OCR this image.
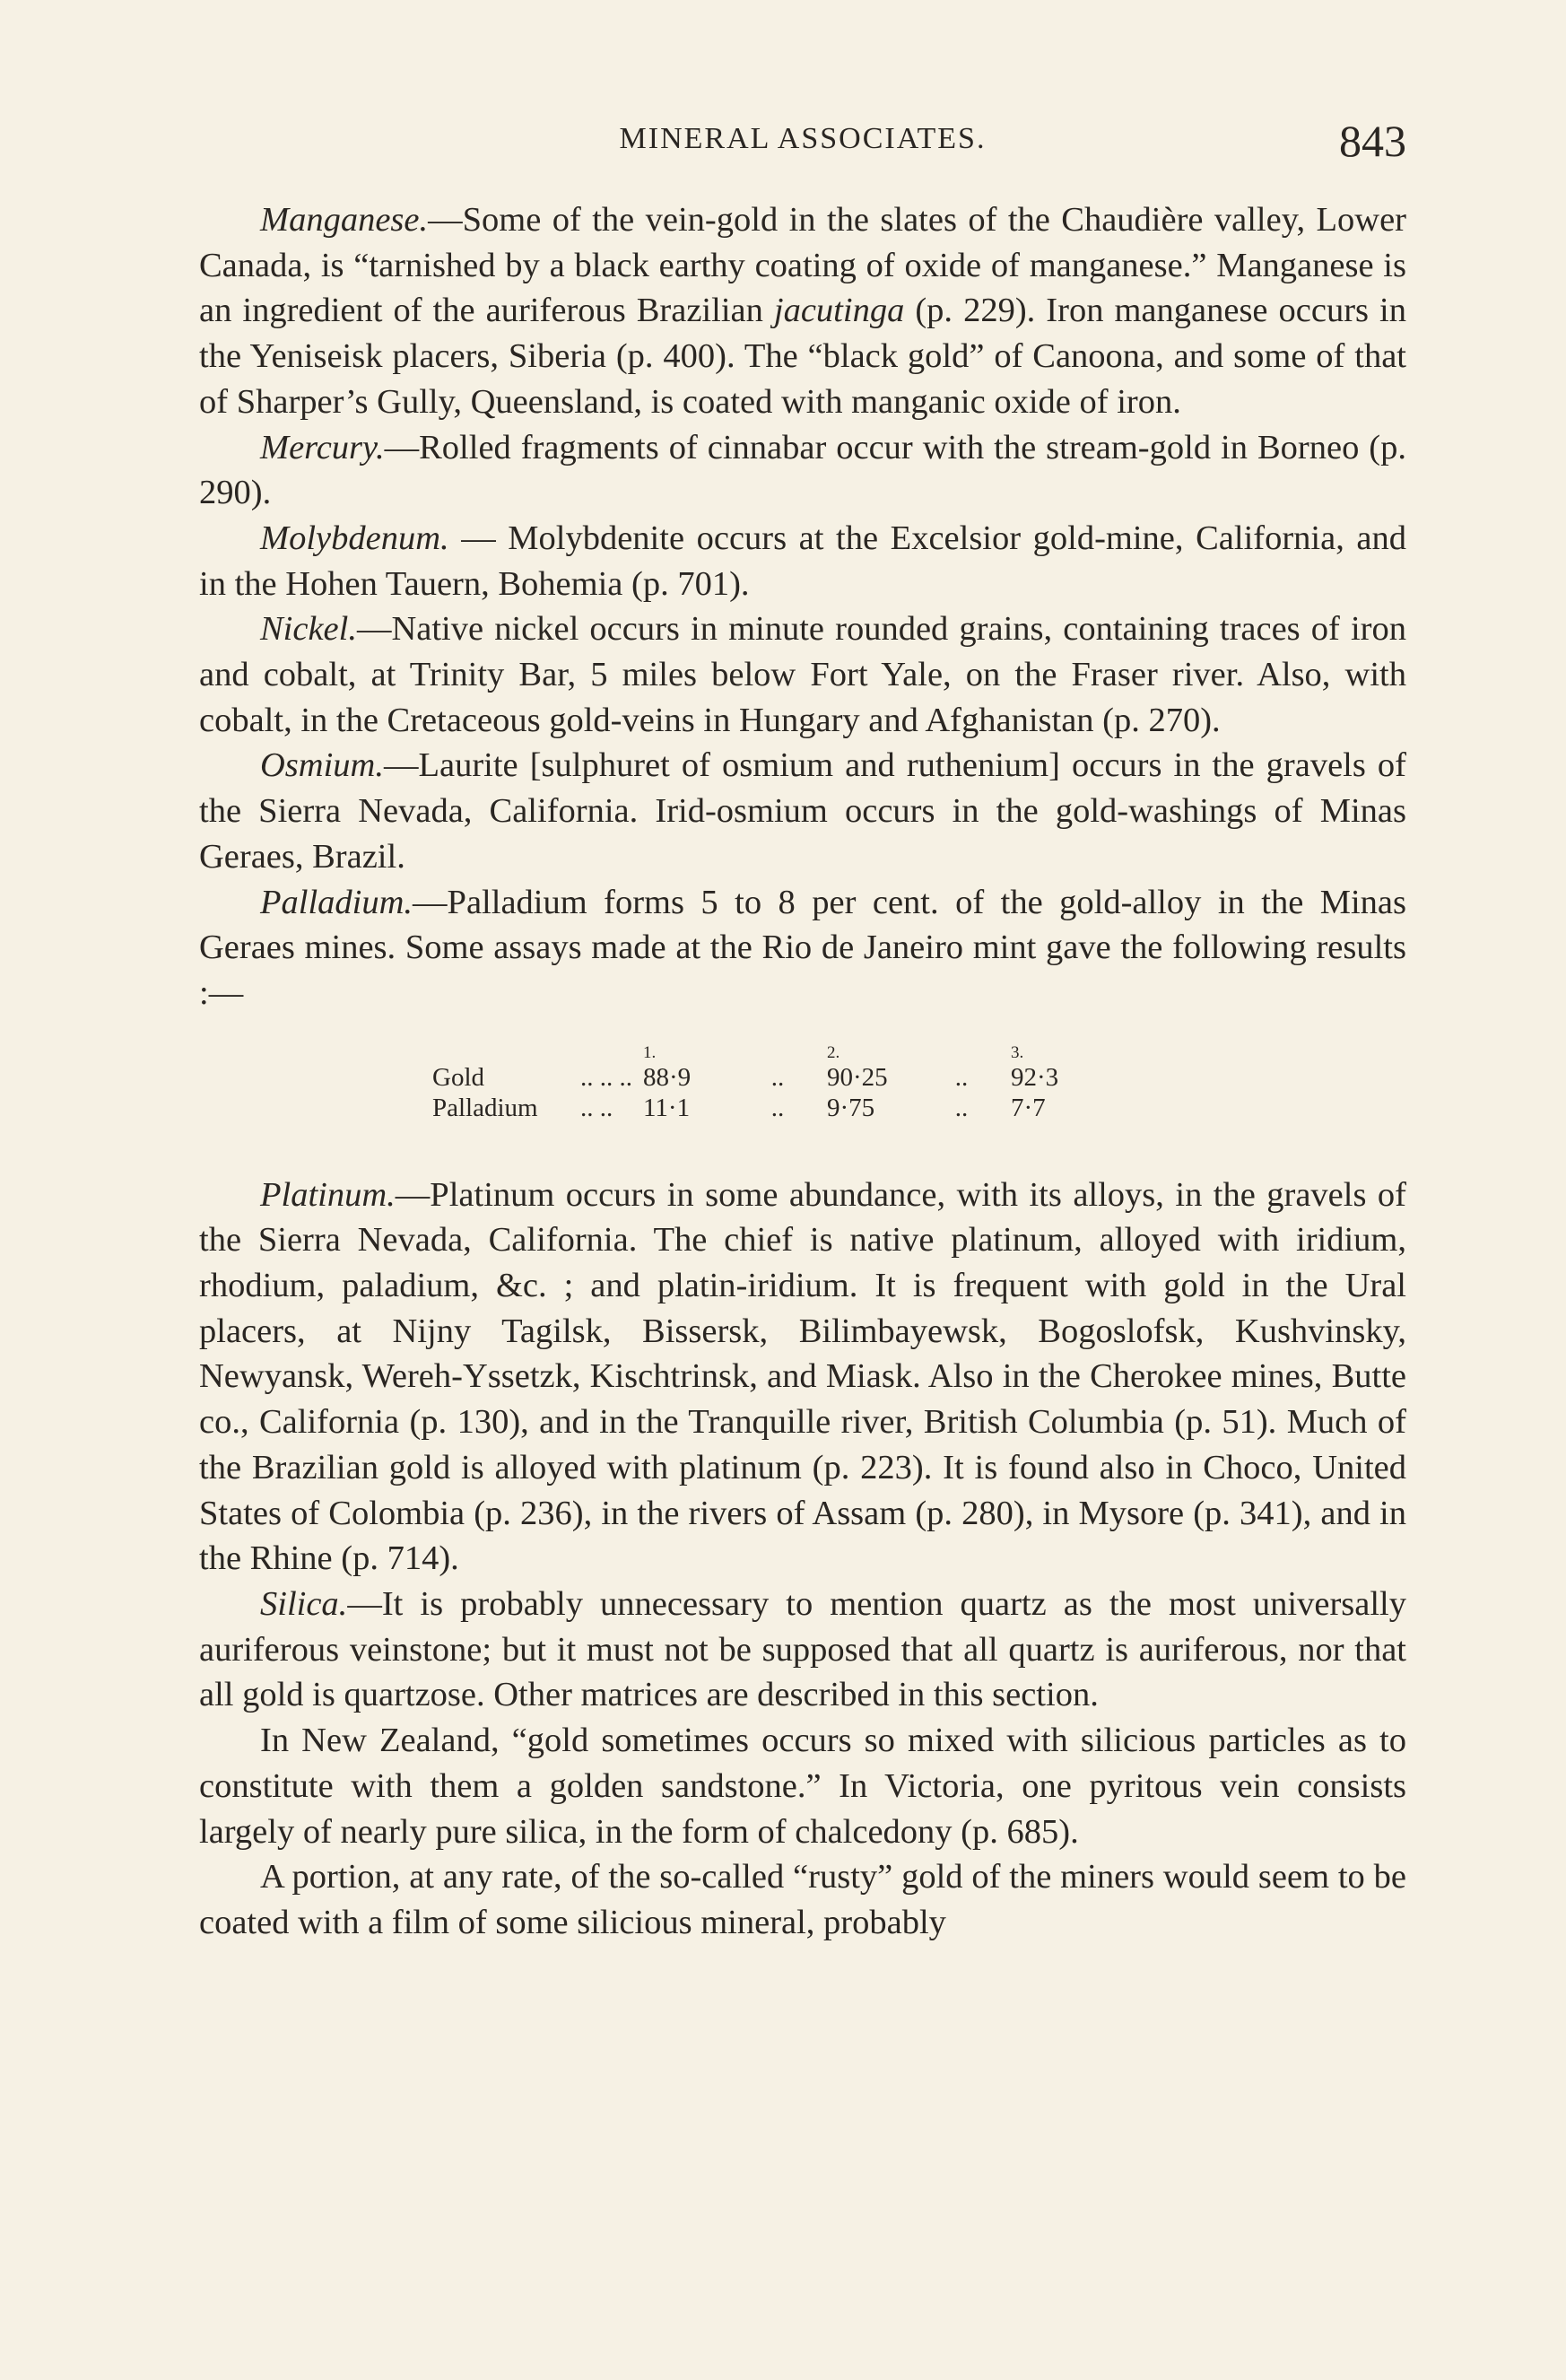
MINERAL ASSOCIATES.	843

Manganese.—Some of the vein-gold in the slates of the Chaudière valley, Lower Canada, is “tarnished by a black earthy coating of oxide of manganese.” Manganese is an ingredient of the auriferous Brazilian jacutinga (p. 229). Iron manganese occurs in the Yeniseisk placers, Siberia (p. 400). The “black gold” of Canoona, and some of that of Sharper’s Gully, Queensland, is coated with manganic oxide of iron.

Mercury.—Rolled fragments of cinnabar occur with the stream-gold in Borneo (p. 290).

Molybdenum. — Molybdenite occurs at the Excelsior gold-mine, California, and in the Hohen Tauern, Bohemia (p. 701).

Nickel.—Native nickel occurs in minute rounded grains, containing traces of iron and cobalt, at Trinity Bar, 5 miles below Fort Yale, on the Fraser river. Also, with cobalt, in the Cretaceous gold-veins in Hungary and Afghanistan (p. 270).

Osmium.—Laurite [sulphuret of osmium and ruthenium] occurs in the gravels of the Sierra Nevada, California. Irid-osmium occurs in the gold-washings of Minas Geraes, Brazil.

Palladium.—Palladium forms 5 to 8 per cent. of the gold-alloy in the Minas Geraes mines. Some assays made at the Rio de Janeiro mint gave the following results :—

		1.		2.		3.
Gold	.. .. ..	88·9	..	90·25	..	92·3
Palladium	.. ..	11·1	..	9·75	..	7·7

Platinum.—Platinum occurs in some abundance, with its alloys, in the gravels of the Sierra Nevada, California. The chief is native platinum, alloyed with iridium, rhodium, paladium, &c. ; and platin-iridium. It is frequent with gold in the Ural placers, at Nijny Tagilsk, Bissersk, Bilimbayewsk, Bogoslofsk, Kushvinsky, Newyansk, Wereh-Yssetzk, Kischtrinsk, and Miask. Also in the Cherokee mines, Butte co., California (p. 130), and in the Tranquille river, British Columbia (p. 51). Much of the Brazilian gold is alloyed with platinum (p. 223). It is found also in Choco, United States of Colombia (p. 236), in the rivers of Assam (p. 280), in Mysore (p. 341), and in the Rhine (p. 714).

Silica.—It is probably unnecessary to mention quartz as the most universally auriferous veinstone; but it must not be supposed that all quartz is auriferous, nor that all gold is quartzose. Other matrices are described in this section.

In New Zealand, “gold sometimes occurs so mixed with silicious particles as to constitute with them a golden sandstone.” In Victoria, one pyritous vein consists largely of nearly pure silica, in the form of chalcedony (p. 685).

A portion, at any rate, of the so-called “rusty” gold of the miners would seem to be coated with a film of some silicious mineral, probably
